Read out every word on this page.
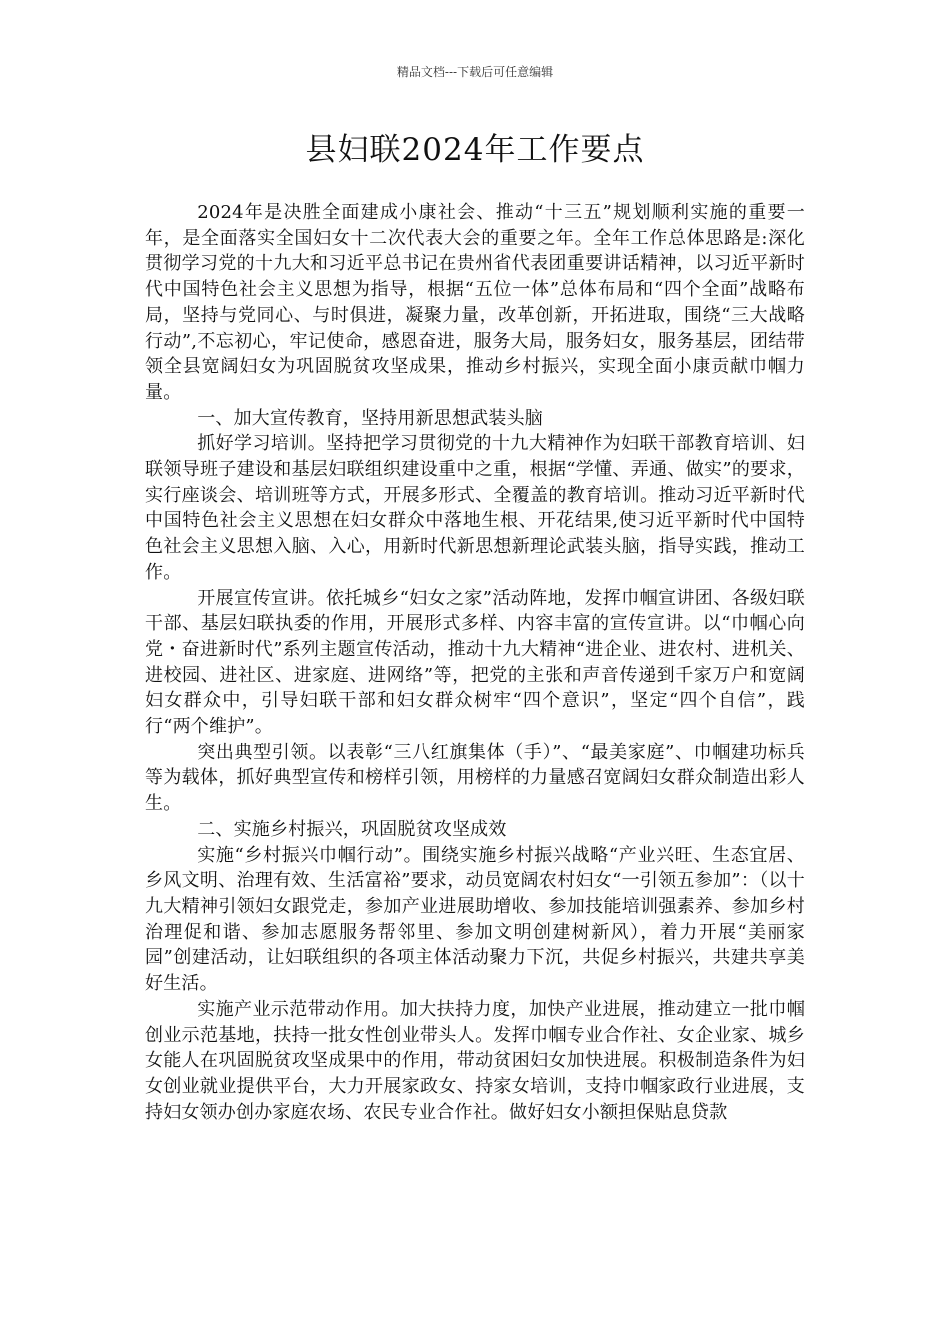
精品文档---下载后可任意编辑
县妇联2024年工作要点

2024年是决胜全面建成小康社会、推动“十三五”规划顺利实施的重要一年，是全面落实全国妇女十二次代表大会的重要之年。全年工作总体思路是:深化贯彻学习党的十九大和习近平总书记在贵州省代表团重要讲话精神，以习近平新时代中国特色社会主义思想为指导，根据“五位一体”总体布局和“四个全面”战略布局，坚持与党同心、与时俱进，凝聚力量，改革创新，开拓进取，围绕“三大战略行动”,不忘初心，牢记使命，感恩奋进，服务大局，服务妇女，服务基层，团结带领全县宽阔妇女为巩固脱贫攻坚成果，推动乡村振兴，实现全面小康贡献巾帼力量。

一、加大宣传教育，坚持用新思想武装头脑

抓好学习培训。坚持把学习贯彻党的十九大精神作为妇联干部教育培训、妇联领导班子建设和基层妇联组织建设重中之重，根据“学懂、弄通、做实”的要求，实行座谈会、培训班等方式，开展多形式、全覆盖的教育培训。推动习近平新时代中国特色社会主义思想在妇女群众中落地生根、开花结果,使习近平新时代中国特色社会主义思想入脑、入心，用新时代新思想新理论武装头脑，指导实践，推动工作。

开展宣传宣讲。依托城乡“妇女之家”活动阵地，发挥巾帼宣讲团、各级妇联干部、基层妇联执委的作用，开展形式多样、内容丰富的宣传宣讲。以“巾帼心向党・奋进新时代”系列主题宣传活动，推动十九大精神“进企业、进农村、进机关、进校园、进社区、进家庭、进网络”等，把党的主张和声音传递到千家万户和宽阔妇女群众中，引导妇联干部和妇女群众树牢“四个意识”，坚定“四个自信”，践行“两个维护”。

突出典型引领。以表彰“三八红旗集体（手）”、“最美家庭”、巾帼建功标兵等为载体，抓好典型宣传和榜样引领，用榜样的力量感召宽阔妇女群众制造出彩人生。

二、实施乡村振兴，巩固脱贫攻坚成效

实施“乡村振兴巾帼行动”。围绕实施乡村振兴战略“产业兴旺、生态宜居、乡风文明、治理有效、生活富裕”要求，动员宽阔农村妇女“一引领五参加”：（以十九大精神引领妇女跟党走，参加产业进展助增收、参加技能培训强素养、参加乡村治理促和谐、参加志愿服务帮邻里、参加文明创建树新风），着力开展“美丽家园”创建活动，让妇联组织的各项主体活动聚力下沉，共促乡村振兴，共建共享美好生活。

实施产业示范带动作用。加大扶持力度，加快产业进展，推动建立一批巾帼创业示范基地，扶持一批女性创业带头人。发挥巾帼专业合作社、女企业家、城乡女能人在巩固脱贫攻坚成果中的作用，带动贫困妇女加快进展。积极制造条件为妇女创业就业提供平台，大力开展家政女、持家女培训，支持巾帼家政行业进展，支持妇女领办创办家庭农场、农民专业合作社。做好妇女小额担保贴息贷款
